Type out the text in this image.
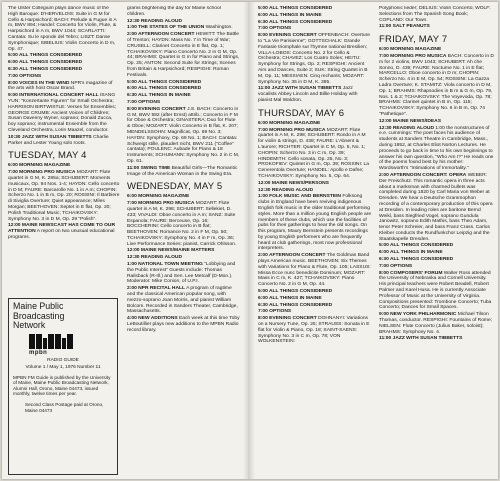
The Ulster Collegium plays dance music of the High Baroque: D'HERVELOIS: Suite in G M for Cello & Harpsichord; BACH: Prelude & Fugue in A m, BWV 894; Handel: Concerto for Violin, Flute, & Harpsichord in A m, BWV 1044; SCARLATTI: Cantata: Su le sponde del Tebro; LISZT: Danse Symphonique; SIBELIUS: Violin Concerto in D m, Op. 47.

5:00 ALL THINGS CONSIDERED

6:00 ALL THINGS CONSIDERED

6:30 ALL THINGS CONSIDERED

7:00 OPTIONS

8:00 VOICES IN THE WIND NPR's magazine of the arts with host Oscar Brand.

9:00 INTERNATIONAL CONCERT HALL ISANG YUN: "Konzertante Figuren" for Small Orchestra; HARRISON BIRTWISTLE: Verses for Ensembles; GEORGE CRUMB: Ancient Voices of Children; Susan Davenny Wyner, soprano; Donald Zucca, boy soprano; instrumental Ensemble from the Cleveland Orchestra, Lorin Maazel, conductor.

10:30 JAZZ WITH SUSAN TIBBETTS Charlie Parker and Lester Young solo roots.

TUESDAY, MAY 4

6:00 MORNING MAGAZINE

7:00 MORNING PRO MUSICA MOZART: Flute quartet in G M, K. 285a; SCHUBERT: Moments musicaux, Op. 94 Nos. 1-4; HAYDN: Cello concerto in D M; FAURE: Barcarolle No. 1 in A m; CHOPIN: Scherzo No. 1 in B m, Op. 20; ROSSINI: Il Barbiere di Siviglia Overture; Quiet appearance; Miles Morgan; BEETHOVEN: Septet in E flat, Op. 20; Polish Traditional Music; TCHAIKOVSKY: Symphony No. 3 in D M, Op. 29 "Polish".

12:00 MAINE NEWSCAST HAS COME TO OUR ATTENTION A report on two unusual educational programs.

Maine Public

Broadcasting

Network

mpbn

RADIO GUIDE

Volume 1 / May 1, 1976 Number 11

MPBN FM Guide is published by the University of Maine, Maine Public Broadcasting Network, Alumni Hall, Orono, Maine 04473, issued monthly, twelve times per year.

Second Class Postage paid at Orono, Maine 04473

grams brightening the day for Maine school children.

12:30 READING ALOUD

1:00 THE STATES OF THE UNION Washington.

2:00 AFTERNOON CONCERT HEWITT: The Battle of Trenton; HAYDN: Mass No. 7 in Time of War; CRUSELL: Clarinet Concerto in E flat, Op. 1; TCHAIKOVSKY: Piano Concerto No. 2 in G M, Op. 44; BRAHMS: Quartet in G m for Piano and Strings, Op. 25; ANTON: Second Suite for Strings; Scenes from Britain & Harpsichord; RESPIGHI: Roman Festivals.

5:00 ALL THINGS CONSIDERED

6:00 ALL THINGS CONSIDERED

6:30 ALL THINGS IN MAINE

7:00 OPTIONS

8:00 EVENING CONCERT J.S. BACH: Concerto in G M, BWV 592 (after Ernst) attrib.; Concerto in F M for Oboe & Orchestra; GINASTERA: Duo for Flute & Oboe; MOZART: Violin Concerto in B flat, K. 207; MENDELSSOHN: Magnificat, Op. 69 No. 3; HAYDN: Symphony, Op. 69 No. 1; BACH: Cantata: Schweigt stille, plaudert nicht, BWV 211 ("Coffee" cantata); POULENC: Aubade for Piano & 18 Instruments; SCHUMANN: Symphony No. 2 in C M, Op. 61.

11:00 SWING TIME Beautiful Girls—The Romantic Image of the American Woman in the Swing Era.

WEDNESDAY, MAY 5

6:00 MORNING MAGAZINE

7:00 MORNING PRO MUSICA MOZART: Flute quartet in A M, K. 298; SCHUBERT: Sellekiet, D. 433; VIVALDI: Oboe concerto in A m; SANZ: Suite Espanola; FAURE: Berceuse, Op. 16; BOCCHERINI: Cello concerto in B flat; BEETHOVEN: Romance No. 2 in F M, Op. 50; TCHAIKOVSKY: Symphony No. 4 in F m, Op. 36; Live Performance Series: pianist, Carrick Ohlsson.

12:00 MAINE NEWS/MAINE MATTERS

12:30 READING ALOUD

1:00 NATIONAL TOWN MEETING "Lobbying and the Public Interest" Guests include: Thomas Railsback (R-Ill.) and Sen. Lee Metcalf (D-Mon.). Moderator: Mike Conion, of U.P.I.

2:00 NPR RECITAL HALL A program of ragtime and the classical American popular song, with mezzo-soprano Joan Morris, and pianist William Bolcom. Recorded in Sanders Theater, Cambridge, Massachusetts.

4:00 NEW ADDITIONS Each week at this time Toby LeBoutillier plays new additions to the MPBN Radio record library.

5:00 ALL THINGS CONSIDERED

6:00 ALL THINGS IN MAINE

6:30 ALL THINGS CONSIDERED

7:00 OPTIONS

8:00 EVENING CONCERT OFFENBACH: Overture to "La Vie Parisienne"; GOTTSCHALK: Grande Fantasie triomphale sur l'hymne national Bresilien; VILLA-LOBOS: Concerto No. 2 for Cello & Orchestra; CHAVEZ: Los Cuatro Soles; HEITU: Symphony for Strings, Op. 2; RESPIGHI: Ancient Airs and Dances, Suite 2; SUK: String Quartet in B M, Op. 11; MESSIAEN: Cinq rechants; MOZART: Symphony No. 35 in D M, K. 385.

11:00 JAZZ WITH SUSAN TIBBETTS Jazz vocalists Abbey Lincoln and Billie Holiday with pianist Mal Waldron.

THURSDAY, MAY 6

6:00 MORNING MAGAZINE

7:00 MORNING PRO MUSICA MOZART: Flute quartet in A M, K. 298; SCHUBERT: Rondo in A M for violin & strings, D. 438; FAURE: L'Absent & L'aurore; RICHTER: Quartet in C M, Op. 5, No. 1; CHOPIN: Scherzo No. 3 in C m, Op. 39; HINDEMITH: Cello sonata, Op. 25, No. 3; PROKOFIEV: Quintet in G m, Op. 39; ROSSINI: La Cenerentola Overture; HANDEL: Apollo e Dafne; TCHAIKOVSKY: Symphony No. 5, Op. 64.

12:00 MAINE NEWS/PERSONS

12:30 READING ALOUD

1:00 FOLK MUSIC AND BERNSTEIN Folksong clubs in England have been reviving indigenous English folk music in the older traditional performing styles. More than a million young English people are members of these clubs, which use the facilities of pubs for their gatherings to hear the old songs. On this program, Maury Bernstein presents recordings by young English performers who are frequently heard at club gatherings, most now professional interpreters.

2:00 AFTERNOON CONCERT The Goldman Band plays American music. BEETHOVEN: Six Themes with Variations for Piano & Flute, Op. 105; LASSUS: Missa Ecce nunc benedicite Dominum; MOZART: Mass in C m, K. 427; TCHAIKOVSKY: Piano Concerto No. 2 in G M, Op. 44.

5:00 ALL THINGS CONSIDERED

6:00 ALL THINGS IN MAINE

6:30 ALL THINGS CONSIDERED

7:00 OPTIONS

8:00 EVENING CONCERT DOHNANYI: Variations on a Nursery Tune, Op. 25; STRAUSS: Sonata in E flat for Violin & Piano, Op. 18; SAINT-SAENS: Symphony No. 3 in C m, Op. 78; VON WOLKENSTEIN:

Polyphonic lieder; DELIUS: Violin Concerto; WOLF: Selections from The Spanish Song Book; COPLAND: Our Town.

11:00 SALT PEANUTS

FRIDAY, MAY 7

6:00 MORNING MAGAZINE

7:00 MORNING PRO MUSICA BACH: Concerto in D m for 2 violins, BWV 1043; SCHUBERT: Ah che Sonno, D. 439; FAURE: Nocturne No. 1 in E flat; MARCELLO: Oboe concerto in D m; CHOPIN: Scherzo No. 4 in E M, Op. 54; ROSSINI: La Gazza Ladra Overture; K. STAMITZ: Viola concerto in D M, Op. 1; BRAHMS: Rhapsodies in B m & G m, Op. 79, Nos. 1 & 2; TCHAIKOVSKY: The Voyevoda, Op. 78; BRAHMS: Clarinet quintet in B m, Op. 115; TCHAIKOVSKY: Symphony No. 6 in B m, Op. 74 "Pathetique".

12:00 MAINE NEWS/IDEAS

12:30 READING ALOUD 1:00 the nonstructures of e.e. cummings: The poet faces his audience of students at Sanders Theatre in Cambridge, Mass., during 1952, at Charles Eliot Norton Lectures. He proceeds to go back in time to his own beginnings to answer his own question, "Who Am I?" He reads one of the poems found best by his mother: Wordsworth's "Intimations of Immortality."

2:00 AFTERNOON CONCERT: OPERA WEBER: Der Freischutz. This romantic opera in three acts about a marksman with charmed bullets was completed during 1820 by Carl Maria von Weber at Dresden. We hear a Deutsche Grammophon recording of a contemporary production of this opera at Dresden. In leading roles are baritone Bernd Weikl, bass Siegfried Vogel, soprano Gundula Janowitz, soprano Edith Mathis, bass Theo Adam, tenor Peter Schreier, and bass Franz Crass. Carlos Kleiber conducts the Rundfunkchor Leipzig and the Staatskapelle Dresden.

5:00 ALL THINGS CONSIDERED

6:00 ALL THINGS IN MAINE

6:30 ALL THINGS CONSIDERED

7:00 OPTIONS

8:00 COMPOSERS' FORUM Walter Ross attended the University of Nebraska and Cornell University. His principal teachers were Robert Beadell, Robert Palmer and Karel Husa. He is currently Associate Professor of Music at the University of Virginia. Compositions presented: Trombone Concerto; Tuba Concerto; Dances for Small Spaces.

9:00 NEW YORK PHILHARMONIC Michael Tilson Thomas, conductor. RESPIGHI: Fountains of Rome; NIELSEN: Flute Concerto (Julius Baker, soloist); BRAHMS: Symphony No. 4.

11:00 JAZZ WITH SUSAN TIBBETTS
